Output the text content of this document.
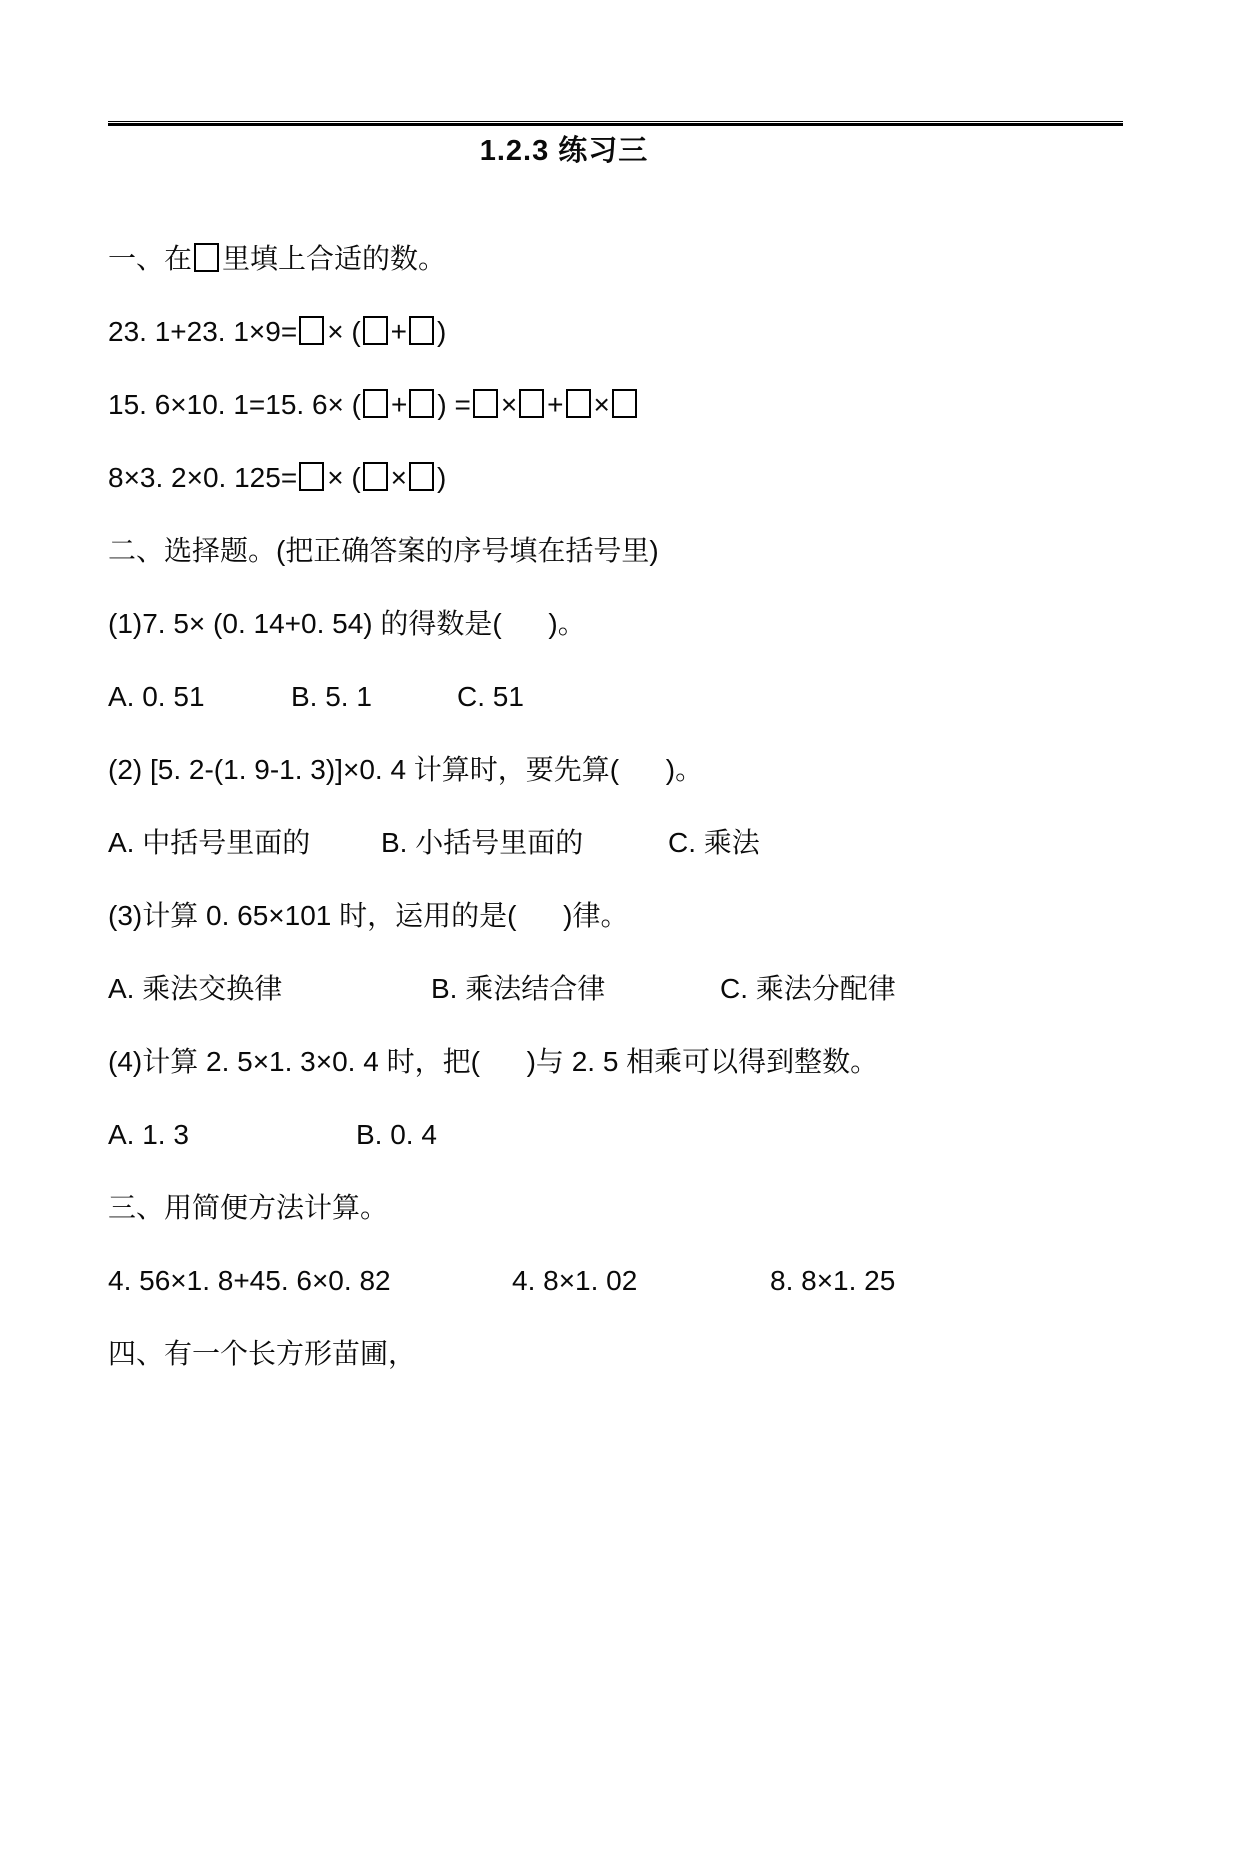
1.2.3 练习三
一、在 里填上合适的数。
23. 1+23. 1×9= × ( + )
15. 6×10. 1=15. 6× ( + ) = × + ×
8×3. 2×0. 125= × ( × )
二、选择题。(把正确答案的序号填在括号里)
(1)7. 5× (0. 14+0. 54) 的得数是(      )。
A. 0. 51	B. 5. 1	C. 51
(2) [5. 2-(1. 9-1. 3)]×0. 4 计算时，要先算(      )。
A. 中括号里面的	B. 小括号里面的	C. 乘法
(3)计算 0. 65×101 时，运用的是(      )律。
A. 乘法交换律	B. 乘法结合律	C. 乘法分配律
(4)计算 2. 5×1. 3×0. 4 时，把(      )与 2. 5 相乘可以得到整数。
A. 1. 3	B. 0. 4
三、用简便方法计算。
4. 56×1. 8+45. 6×0. 82	4. 8×1. 02	8. 8×1. 25
四、有一个长方形苗圃，
